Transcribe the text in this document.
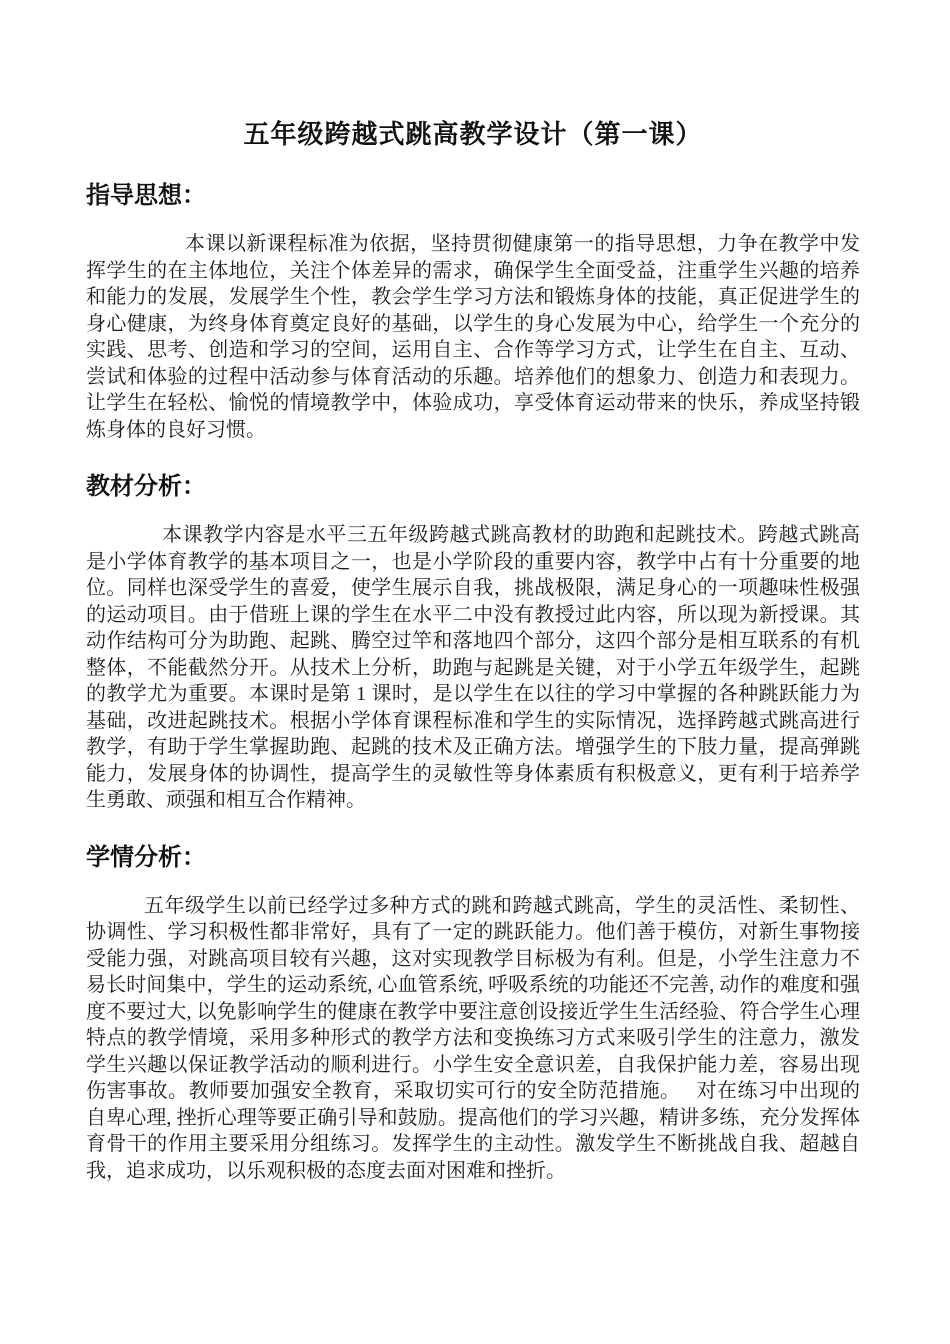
五年级跨越式跳高教学设计（第一课）
指导思想：

本课以新课程标准为依据，坚持贯彻健康第一的指导思想，力争在教学中发挥学生的在主体地位，关注个体差异的需求，确保学生全面受益，注重学生兴趣的培养和能力的发展，发展学生个性，教会学生学习方法和锻炼身体的技能，真正促进学生的身心健康，为终身体育奠定良好的基础，以学生的身心发展为中心，给学生一个充分的实践、思考、创造和学习的空间，运用自主、合作等学习方式，让学生在自主、互动、尝试和体验的过程中活动参与体育活动的乐趣。培养他们的想象力、创造力和表现力。让学生在轻松、愉悦的情境教学中，体验成功，享受体育运动带来的快乐，养成坚持锻炼身体的良好习惯。

教材分析：

本课教学内容是水平三五年级跨越式跳高教材的助跑和起跳技术。跨越式跳高是小学体育教学的基本项目之一，也是小学阶段的重要内容，教学中占有十分重要的地位。同样也深受学生的喜爱，使学生展示自我，挑战极限，满足身心的一项趣味性极强的运动项目。由于借班上课的学生在水平二中没有教授过此内容，所以现为新授课。其动作结构可分为助跑、起跳、腾空过竿和落地四个部分，这四个部分是相互联系的有机整体，不能截然分开。从技术上分析，助跑与起跳是关键，对于小学五年级学生，起跳的教学尤为重要。本课时是第 1 课时，是以学生在以往的学习中掌握的各种跳跃能力为基础，改进起跳技术。根据小学体育课程标准和学生的实际情况，选择跨越式跳高进行教学，有助于学生掌握助跑、起跳的技术及正确方法。增强学生的下肢力量，提高弹跳能力，发展身体的协调性，提高学生的灵敏性等身体素质有积极意义，更有利于培养学生勇敢、顽强和相互合作精神。

学情分析：

五年级学生以前已经学过多种方式的跳和跨越式跳高，学生的灵活性、柔韧性、协调性、学习积极性都非常好，具有了一定的跳跃能力。他们善于模仿，对新生事物接受能力强，对跳高项目较有兴趣，这对实现教学目标极为有利。但是，小学生注意力不易长时间集中，学生的运动系统, 心血管系统, 呼吸系统的功能还不完善, 动作的难度和强度不要过大, 以免影响学生的健康在教学中要注意创设接近学生生活经验、符合学生心理特点的教学情境，采用多种形式的教学方法和变换练习方式来吸引学生的注意力，激发学生兴趣以保证教学活动的顺利进行。小学生安全意识差，自我保护能力差，容易出现伤害事故。教师要加强安全教育，采取切实可行的安全防范措施。　 对在练习中出现的自卑心理, 挫折心理等要正确引导和鼓励。提高他们的学习兴趣，精讲多练，充分发挥体育骨干的作用主要采用分组练习。发挥学生的主动性。激发学生不断挑战自我、超越自我，追求成功，以乐观积极的态度去面对困难和挫折。
